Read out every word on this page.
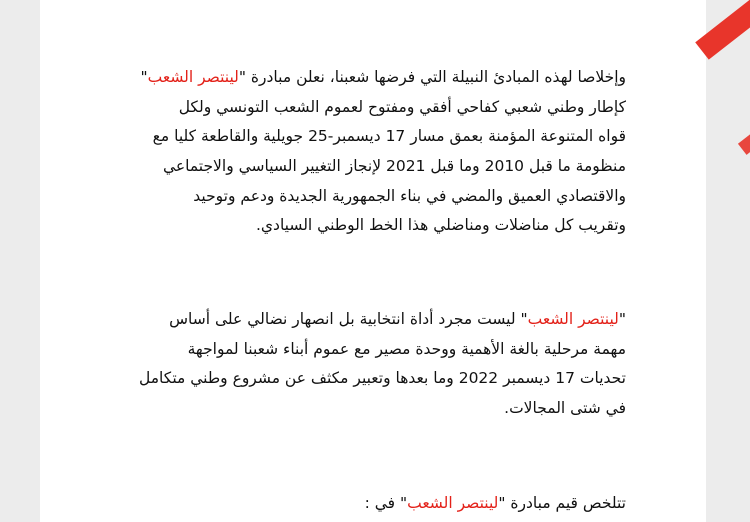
وإخلاصا لهذه المبادئ النبيلة التي فرضها شعبنا، نعلن مبادرة "لينتصر الشعب"
كإطار وطني شعبي كفاحي أفقي ومفتوح لعموم الشعب التونسي ولكل
قواه المتنوعة المؤمنة بعمق مسار 17 ديسمبر-25 جويلية والقاطعة كليا مع
منظومة ما قبل 2010 وما قبل 2021 لإنجاز التغيير السياسي والاجتماعي
والاقتصادي العميق والمضي في بناء الجمهورية الجديدة ودعم وتوحيد
وتقريب كل مناضلات ومناضلي هذا الخط الوطني السيادي.
"لينتصر الشعب" ليست مجرد أداة انتخابية بل انصهار نضالي على أساس
مهمة مرحلية بالغة الأهمية ووحدة مصير مع عموم أبناء شعبنا لمواجهة
تحديات 17 ديسمبر 2022 وما بعدها وتعبير مكثف عن مشروع وطني متكامل
في شتى المجالات.
تتلخص قيم مبادرة "لينتصر الشعب" في :
